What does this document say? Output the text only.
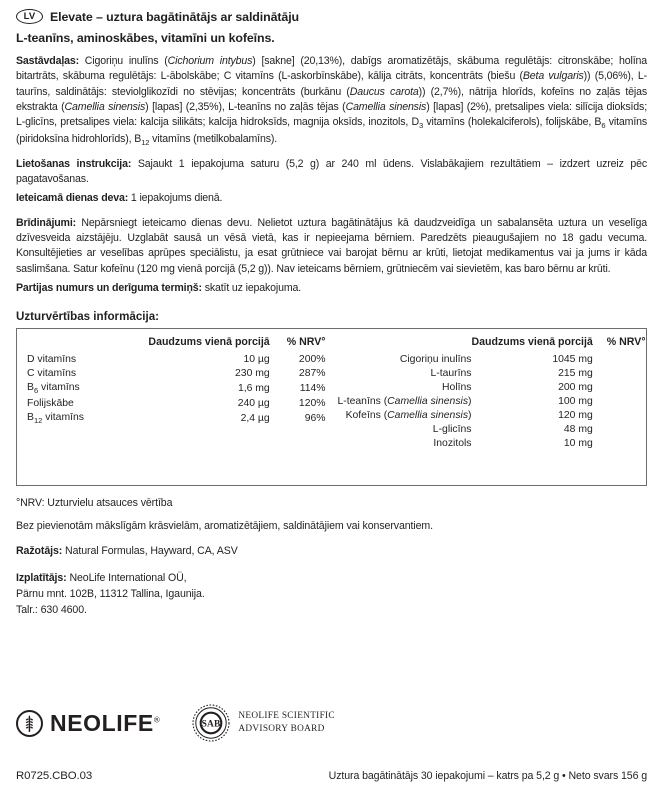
LV	Elevate – uztura bagātinātājs ar saldinātāju
L-teanīns, aminoskābes, vitamīni un kofeīns.
Sastāvdaļas: Cigoriņu inulīns (Cichorium intybus) [sakne] (20,13%), dabīgs aromatizētājs, skābuma regulētājs: citronskābe; holīna bitartrāts, skābuma regulētājs: L-ābolskābe; C vitamīns (L-askorbīnskābe), kālija citrāts, koncentrāts (biešu (Beta vulgaris)) (5,06%), L-taurīns, saldinātājs: steviolglikozīdi no stēvijas; koncentrāts (burkānu (Daucus carota)) (2,7%), nātrija hlorīds, kofeīns no zaļās tējas ekstrakta (Camellia sinensis) [lapas] (2,35%), L-teanīns no zaļās tējas (Camellia sinensis) [lapas] (2%), pretsalipes viela: silīcija dioksīds; L-glicīns, pretsalipes viela: kalcija silikāts; kalcija hidroksīds, magnija oksīds, inozitols, $D_3$ vitamīns (holekalciferols), folijskābe, $B_6$ vitamīns (piridoksīna hidrohlorīds), $B_{12}$ vitamīns (metilkobalamīns).
Lietošanas instrukcija: Sajaukt 1 iepakojuma saturu (5,2 g) ar 240 ml ūdens. Vislabākajiem rezultātiem – izdzert uzreiz pēc pagatavošanas.
Ieteicamā dienas deva: 1 iepakojums dienā.
Brīdinājumi: Nepārsniegt ieteicamo dienas devu. Nelietot uztura bagātinātājus kā daudzveidīga un sabalansēta uztura un veselīga dzīvesveida aizstājēju. Uzglabāt sausā un vēsā vietā, kas ir nepieejama bērniem. Paredzēts pieaugušajiem no 18 gadu vecuma. Konsultējieties ar veselības aprūpes speciālistu, ja esat grūtniece vai barojat bērnu ar krūti, lietojat medikamentus vai ja jums ir kāda saslimšana. Satur kofeīnu (120 mg vienā porcijā (5,2 g)). Nav ieteicams bērniem, grūtniecēm vai sievietēm, kas baro bērnu ar krūti.
Partijas numurs un derīguma termiņš: skatīt uz iepakojuma.
Uzturvērtības informācija:
	Daudzums vienā porcijā	% NRV°
D vitamīns	10 µg	200%
C vitamīns	230 mg	287%
$B_6$ vitamīns	1,6 mg	114%
Folijskābe	240 µg	120%
$B_{12}$ vitamīns	2,4 µg	96%
	Daudzums vienā porcijā	% NRV°
Cigoriņu inulīns	1045 mg	
L-taurīns	215 mg	
Holīns	200 mg	
L-teanīns (Camellia sinensis)	100 mg	
Kofeīns (Camellia sinensis)	120 mg	
L-glicīns	48 mg	
Inozitols	10 mg	
°NRV: Uzturvielu atsauces vērtība
Bez pievienotām mākslīgām krāsvielām, aromatizētājiem, saldinātājiem vai konservantiem.
Ražotājs: Natural Formulas, Hayward, CA, ASV
Izplatītājs: NeoLife International OÜ,
Pärnu mnt. 102B, 11312 Tallina, Igaunija.
Talr.: 630 4600.
NEOLIFE®
SAB
NEOLIFE SCIENTIFIC
ADVISORY BOARD
R0725.CBO.03	Uztura bagātinātājs 30 iepakojumi – katrs pa 5,2 g • Neto svars 156 g
